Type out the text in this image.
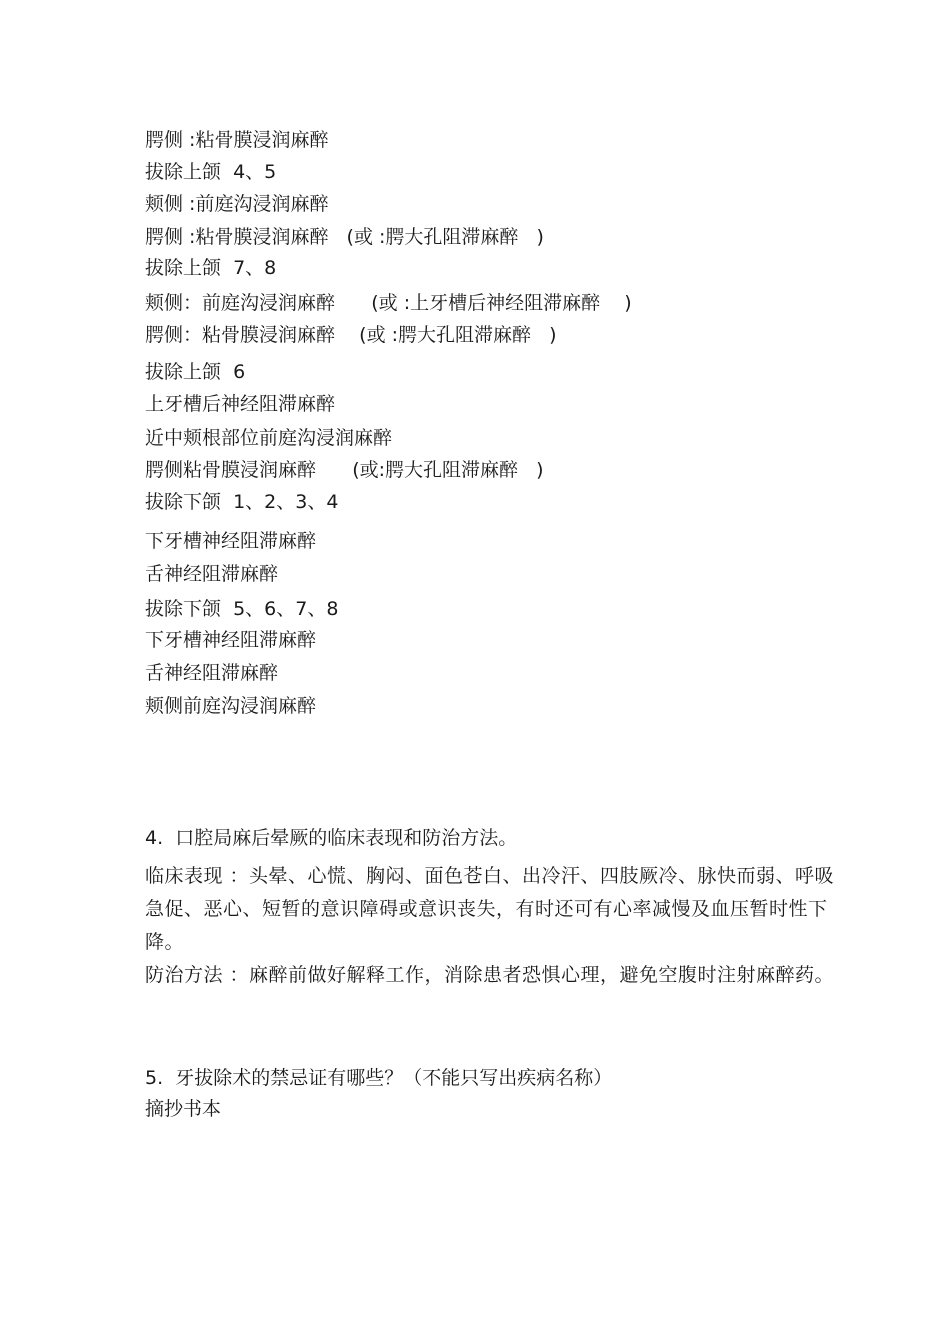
腭侧 :粘骨膜浸润麻醉
拔除上颌  4、5
颊侧 :前庭沟浸润麻醉
腭侧 :粘骨膜浸润麻醉   (或 :腭大孔阻滞麻醉   )
拔除上颌  7、8
颊侧：前庭沟浸润麻醉      (或 :上牙槽后神经阻滞麻醉    )
腭侧：粘骨膜浸润麻醉    (或 :腭大孔阻滞麻醉   )
拔除上颌  6
上牙槽后神经阻滞麻醉
近中颊根部位前庭沟浸润麻醉
腭侧粘骨膜浸润麻醉      (或:腭大孔阻滞麻醉   )
拔除下颌  1、2、3、4
下牙槽神经阻滞麻醉
舌神经阻滞麻醉
拔除下颌  5、6、7、8
下牙槽神经阻滞麻醉
舌神经阻滞麻醉
颊侧前庭沟浸润麻醉
4.  口腔局麻后晕厥的临床表现和防治方法。
临床表现 ：头晕、心慌、胸闷、面色苍白、出冷汗、四肢厥冷、脉快而弱、呼吸急促、恶心、短暂的意识障碍或意识丧失，有时还可有心率减慢及血压暂时性下降。
防治方法 ：麻醉前做好解释工作，消除患者恐惧心理，避免空腹时注射麻醉药。
5.  牙拔除术的禁忌证有哪些？（不能只写出疾病名称）
摘抄书本
